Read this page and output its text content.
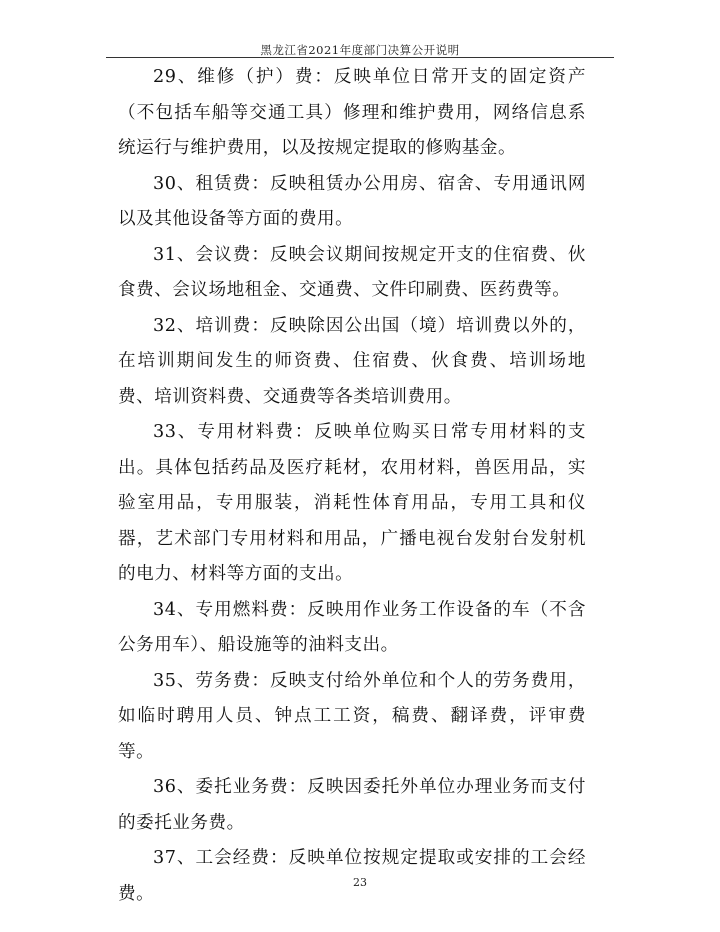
黑龙江省2021年度部门决算公开说明

29、维修（护）费：反映单位日常开支的固定资产（不包括车船等交通工具）修理和维护费用，网络信息系统运行与维护费用，以及按规定提取的修购基金。

30、租赁费：反映租赁办公用房、宿舍、专用通讯网以及其他设备等方面的费用。

31、会议费：反映会议期间按规定开支的住宿费、伙食费、会议场地租金、交通费、文件印刷费、医药费等。

32、培训费：反映除因公出国（境）培训费以外的，在培训期间发生的师资费、住宿费、伙食费、培训场地费、培训资料费、交通费等各类培训费用。

33、专用材料费：反映单位购买日常专用材料的支出。具体包括药品及医疗耗材，农用材料，兽医用品，实验室用品，专用服装，消耗性体育用品，专用工具和仪器，艺术部门专用材料和用品，广播电视台发射台发射机的电力、材料等方面的支出。

34、专用燃料费：反映用作业务工作设备的车（不含公务用车）、船设施等的油料支出。

35、劳务费：反映支付给外单位和个人的劳务费用，如临时聘用人员、钟点工工资，稿费、翻译费，评审费等。

36、委托业务费：反映因委托外单位办理业务而支付的委托业务费。

37、工会经费：反映单位按规定提取或安排的工会经费。

23
